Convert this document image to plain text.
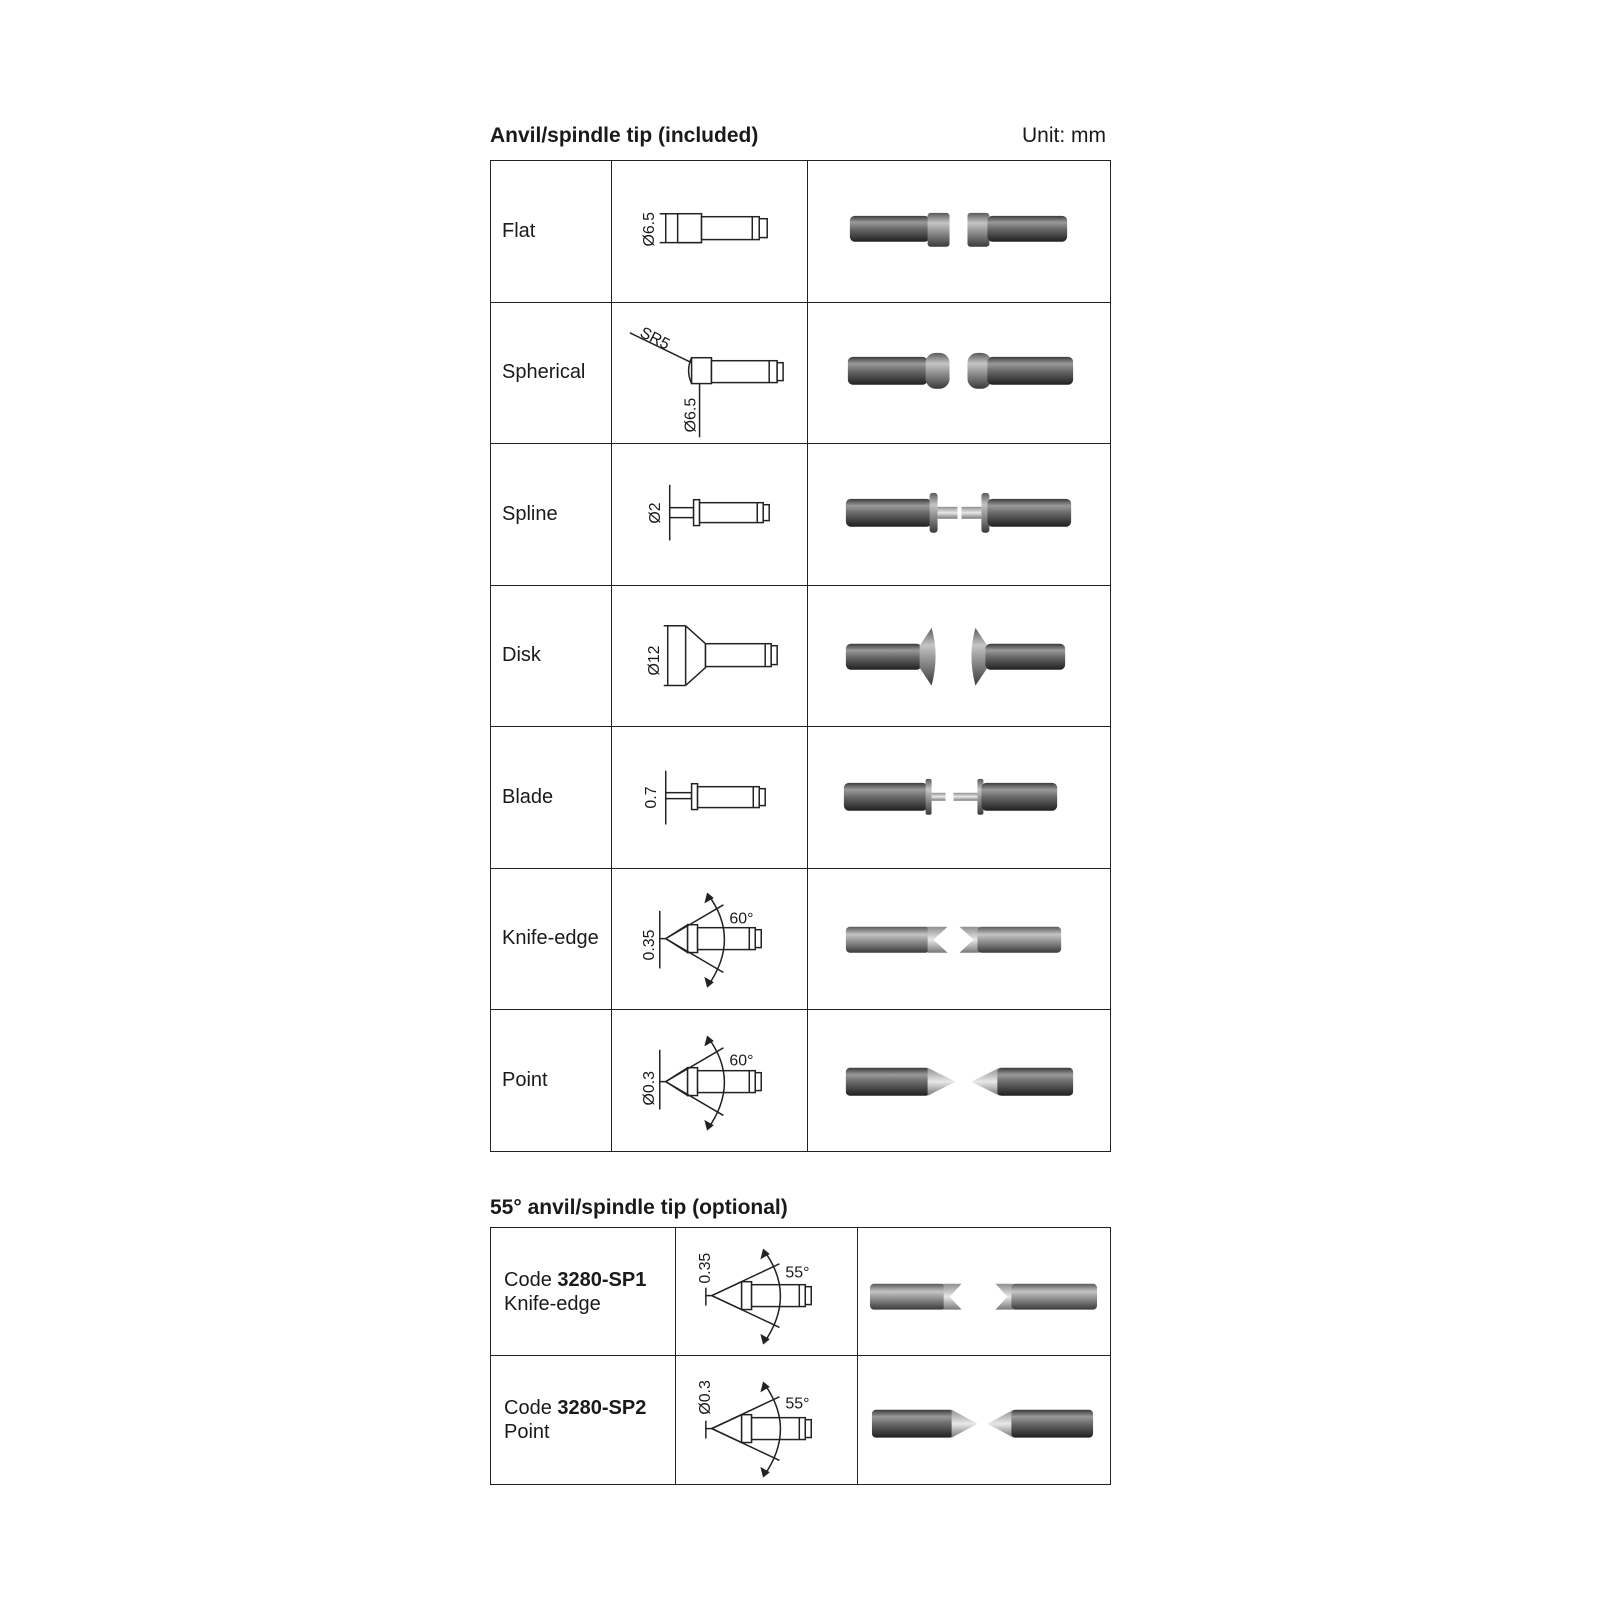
Anvil/spindle tip (included)	Unit: mm
Flat	Ø6.5

Spherical	SR5
Ø6.5

Spline	Ø2

Disk	Ø12

Blade	0.7

Knife-edge	0.35
60°

Point	Ø0.3
60°

55° anvil/spindle tip (optional)
Code 3280-SP1
Knife-edge	0.35 55°

Code 3280-SP2
Point	Ø0.3 55°
